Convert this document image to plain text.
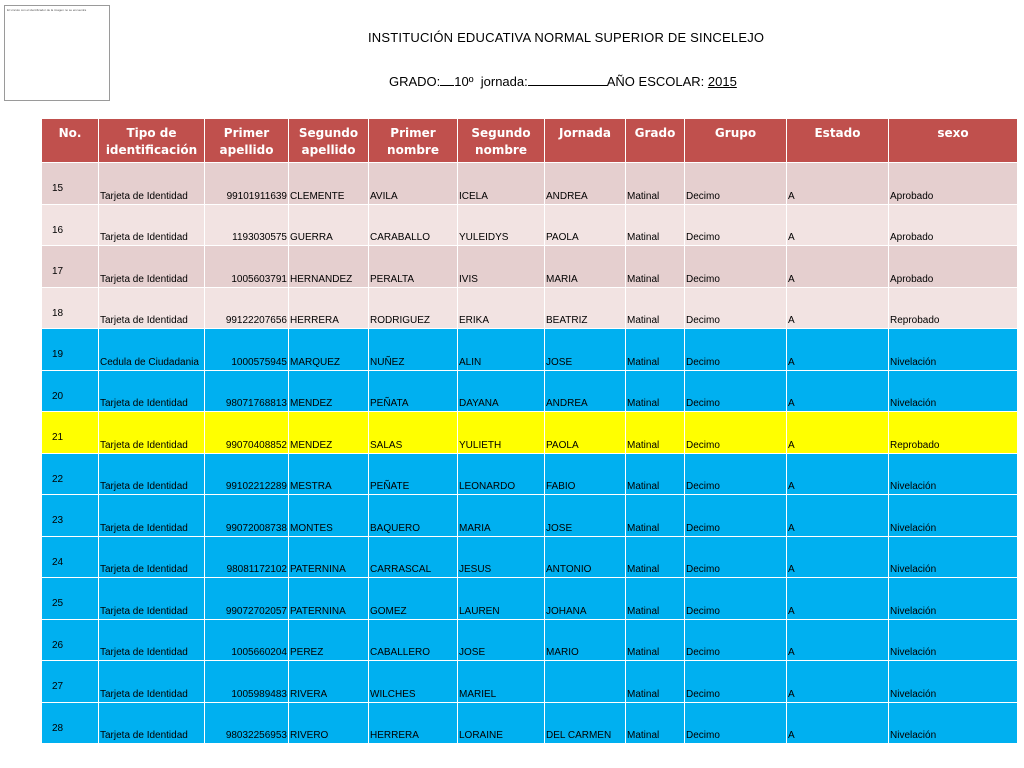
El vínculo con el identificador de la imagen no se encuentra
INSTITUCIÓN EDUCATIVA NORMAL SUPERIOR DE SINCELEJO
GRADO: 10º jornada:	AÑO ESCOLAR: 2015
No.	Tipo de identificación	Primer apellido	Segundo apellido	Primer nombre	Segundo nombre	Jornada	Grado	Grupo	Estado	sexo
15	Tarjeta de Identidad	99101911639	CLEMENTE	AVILA	ICELA	ANDREA	Matinal	Decimo	A	Aprobado
16	Tarjeta de Identidad	1193030575	GUERRA	CARABALLO	YULEIDYS	PAOLA	Matinal	Decimo	A	Aprobado
17	Tarjeta de Identidad	1005603791	HERNANDEZ	PERALTA	IVIS	MARIA	Matinal	Decimo	A	Aprobado
18	Tarjeta de Identidad	99122207656	HERRERA	RODRIGUEZ	ERIKA	BEATRIZ	Matinal	Decimo	A	Reprobado
19	Cedula de Ciudadania	1000575945	MARQUEZ	NUÑEZ	ALIN	JOSE	Matinal	Decimo	A	Nivelación
20	Tarjeta de Identidad	98071768813	MENDEZ	PEÑATA	DAYANA	ANDREA	Matinal	Decimo	A	Nivelación
21	Tarjeta de Identidad	99070408852	MENDEZ	SALAS	YULIETH	PAOLA	Matinal	Decimo	A	Reprobado
22	Tarjeta de Identidad	99102212289	MESTRA	PEÑATE	LEONARDO	FABIO	Matinal	Decimo	A	Nivelación
23	Tarjeta de Identidad	99072008738	MONTES	BAQUERO	MARIA	JOSE	Matinal	Decimo	A	Nivelación
24	Tarjeta de Identidad	98081172102	PATERNINA	CARRASCAL	JESUS	ANTONIO	Matinal	Decimo	A	Nivelación
25	Tarjeta de Identidad	99072702057	PATERNINA	GOMEZ	LAUREN	JOHANA	Matinal	Decimo	A	Nivelación
26	Tarjeta de Identidad	1005660204	PEREZ	CABALLERO	JOSE	MARIO	Matinal	Decimo	A	Nivelación
27	Tarjeta de Identidad	1005989483	RIVERA	WILCHES	MARIEL		Matinal	Decimo	A	Nivelación
28	Tarjeta de Identidad	98032256953	RIVERO	HERRERA	LORAINE	DEL CARMEN	Matinal	Decimo	A	Nivelación
